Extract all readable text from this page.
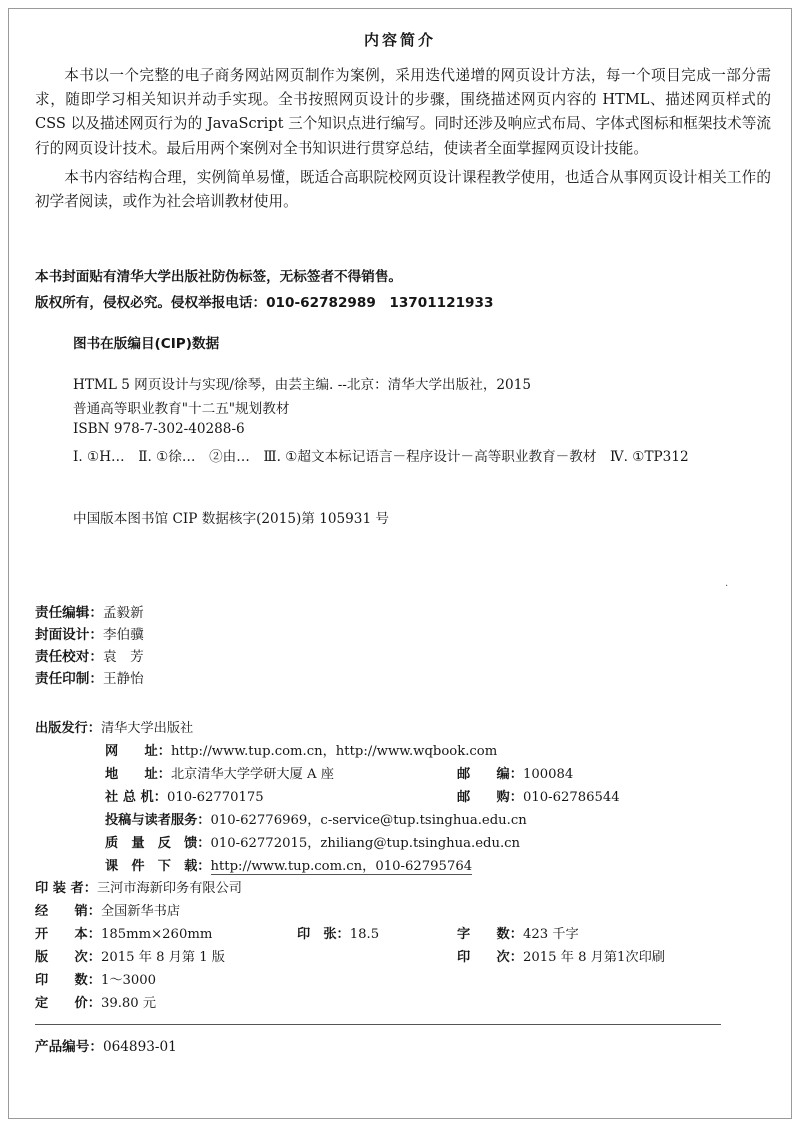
内容简介

本书以一个完整的电子商务网站网页制作为案例，采用迭代递增的网页设计方法，每一个项目完成一部分需求，随即学习相关知识并动手实现。全书按照网页设计的步骤，围绕描述网页内容的 HTML、描述网页样式的 CSS 以及描述网页行为的 JavaScript 三个知识点进行编写。同时还涉及响应式布局、字体式图标和框架技术等流行的网页设计技术。最后用两个案例对全书知识进行贯穿总结，使读者全面掌握网页设计技能。

本书内容结构合理，实例简单易懂，既适合高职院校网页设计课程教学使用，也适合从事网页设计相关工作的初学者阅读，或作为社会培训教材使用。

本书封面贴有清华大学出版社防伪标签，无标签者不得销售。
版权所有，侵权必究。侵权举报电话：010-62782989　13701121933
图书在版编目(CIP)数据
HTML 5 网页设计与实现/徐琴，由芸主编. --北京：清华大学出版社，2015
普通高等职业教育"十二五"规划教材
ISBN 978-7-302-40288-6
Ⅰ. ①H…　Ⅱ. ①徐…　②由…　Ⅲ. ①超文本标记语言－程序设计－高等职业教育－教材　Ⅳ. ①TP312
中国版本图书馆 CIP 数据核字(2015)第 105931 号
·
责任编辑：孟毅新
封面设计：李伯骥
责任校对：袁　芳
责任印制：王静怡
出版发行：清华大学出版社
网　　址：http://www.tup.com.cn，http://www.wqbook.com
地　　址：北京清华大学学研大厦 A 座	邮　　编：100084
社 总 机：010-62770175	邮　　购：010-62786544
投稿与读者服务：010-62776969，c-service@tup.tsinghua.edu.cn
质　量　反　馈：010-62772015，zhiliang@tup.tsinghua.edu.cn
课　件　下　载：http://www.tup.com.cn，010-62795764
印 装 者：三河市海新印务有限公司
经　　销：全国新华书店
开　　本：185mm×260mm	印　张：18.5	字　　数：423 千字
版　　次：2015 年 8 月第 1 版	印　　次：2015 年 8 月第1次印刷
印　　数：1～3000
定　　价：39.80 元
产品编号：064893-01
